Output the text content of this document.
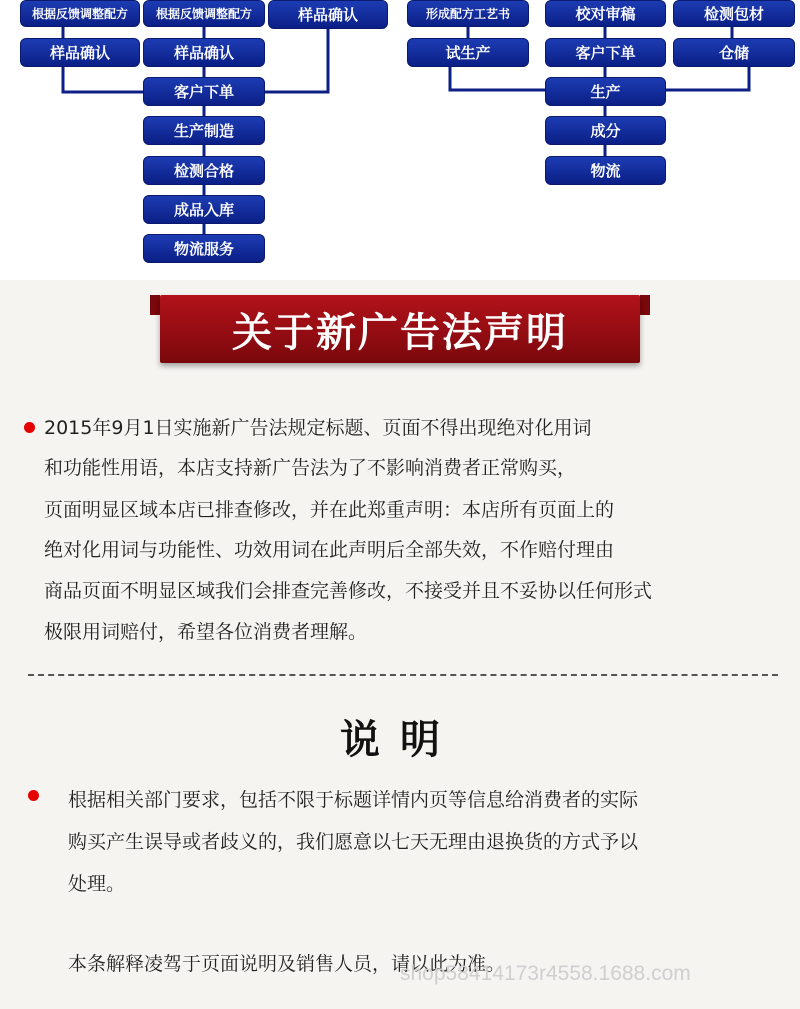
根据反馈调整配方	根据反馈调整配方	样品确认
样品确认	样品确认
客户下单
生产制造
检测合格
成品入库
物流服务
形成配方工艺书
试生产
校对审稿
客户下单
检测包材
仓储
生产
成分
物流
关于新广告法声明
2015年9月1日实施新广告法规定标题、页面不得出现绝对化用词
和功能性用语，本店支持新广告法为了不影响消费者正常购买，
页面明显区域本店已排查修改，并在此郑重声明：本店所有页面上的
绝对化用词与功能性、功效用词在此声明后全部失效，不作赔付理由
商品页面不明显区域我们会排查完善修改，不接受并且不妥协以任何形式
极限用词赔付，希望各位消费者理解。
说明
根据相关部门要求，包括不限于标题详情内页等信息给消费者的实际
购买产生误导或者歧义的，我们愿意以七天无理由退换货的方式予以
处理。
本条解释凌驾于页面说明及销售人员，请以此为准。
shop58414173r4558.1688.com
